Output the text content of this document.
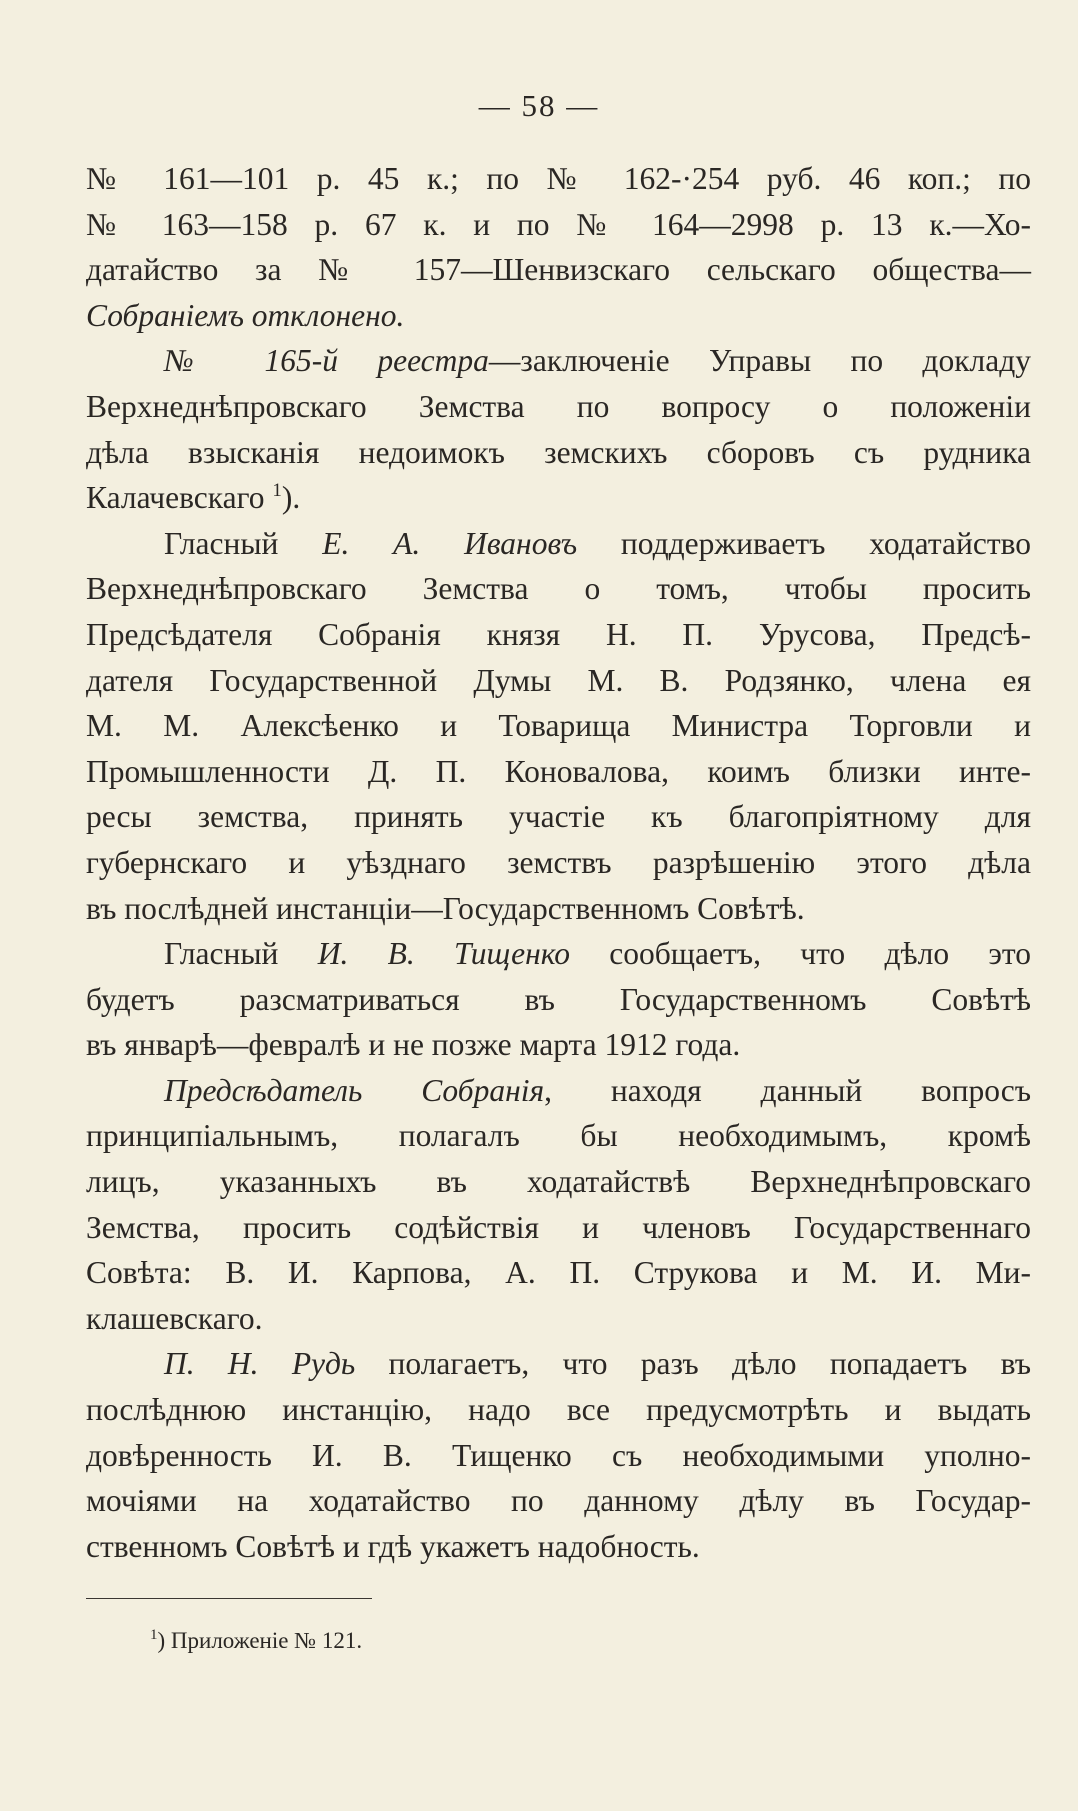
— 58 —
№ 161—101 р. 45 к.; по № 162-·254 руб. 46 коп.; по
№ 163—158 р. 67 к. и по № 164—2998 р. 13 к.—Хо-
датайство за № 157—Шенвизскаго сельскаго общества—
Собраніемъ отклонено.
№ 165-й реестра—заключеніе Управы по докладу
Верхнеднѣпровскаго Земства по вопросу о положеніи
дѣла взысканія недоимокъ земскихъ сборовъ съ рудника
Калачевскаго $^1$).
Гласный Е. А. Ивановъ поддерживаетъ ходатайство
Верхнеднѣпровскаго Земства о томъ, чтобы просить
Предсѣдателя Собранія князя Н. П. Урусова, Предсѣ-
дателя Государственной Думы М. В. Родзянко, члена ея
М. М. Алексѣенко и Товарища Министра Торговли и
Промышленности Д. П. Коновалова, коимъ близки инте-
ресы земства, принять участіе къ благопріятному для
губернскаго и уѣзднаго земствъ разрѣшенію этого дѣла
въ послѣдней инстанціи—Государственномъ Совѣтѣ.
Гласный И. В. Тищенко сообщаетъ, что дѣло это
будетъ разсматриваться въ Государственномъ Совѣтѣ
въ январѣ—февралѣ и не позже марта 1912 года.
Предсѣдатель Собранія, находя данный вопросъ
принципіальнымъ, полагалъ бы необходимымъ, кромѣ
лицъ, указанныхъ въ ходатайствѣ Верхнеднѣпровскаго
Земства, просить содѣйствія и членовъ Государственнаго
Совѣта: В. И. Карпова, А. П. Струкова и М. И. Ми-
клашевскаго.
П. Н. Рудь полагаетъ, что разъ дѣло попадаетъ въ
послѣднюю инстанцію, надо все предусмотрѣть и выдать
довѣренность И. В. Тищенко съ необходимыми уполно-
мочіями на ходатайство по данному дѣлу въ Государ-
ственномъ Совѣтѣ и гдѣ укажетъ надобность.
$^1$) Приложеніе № 121.
